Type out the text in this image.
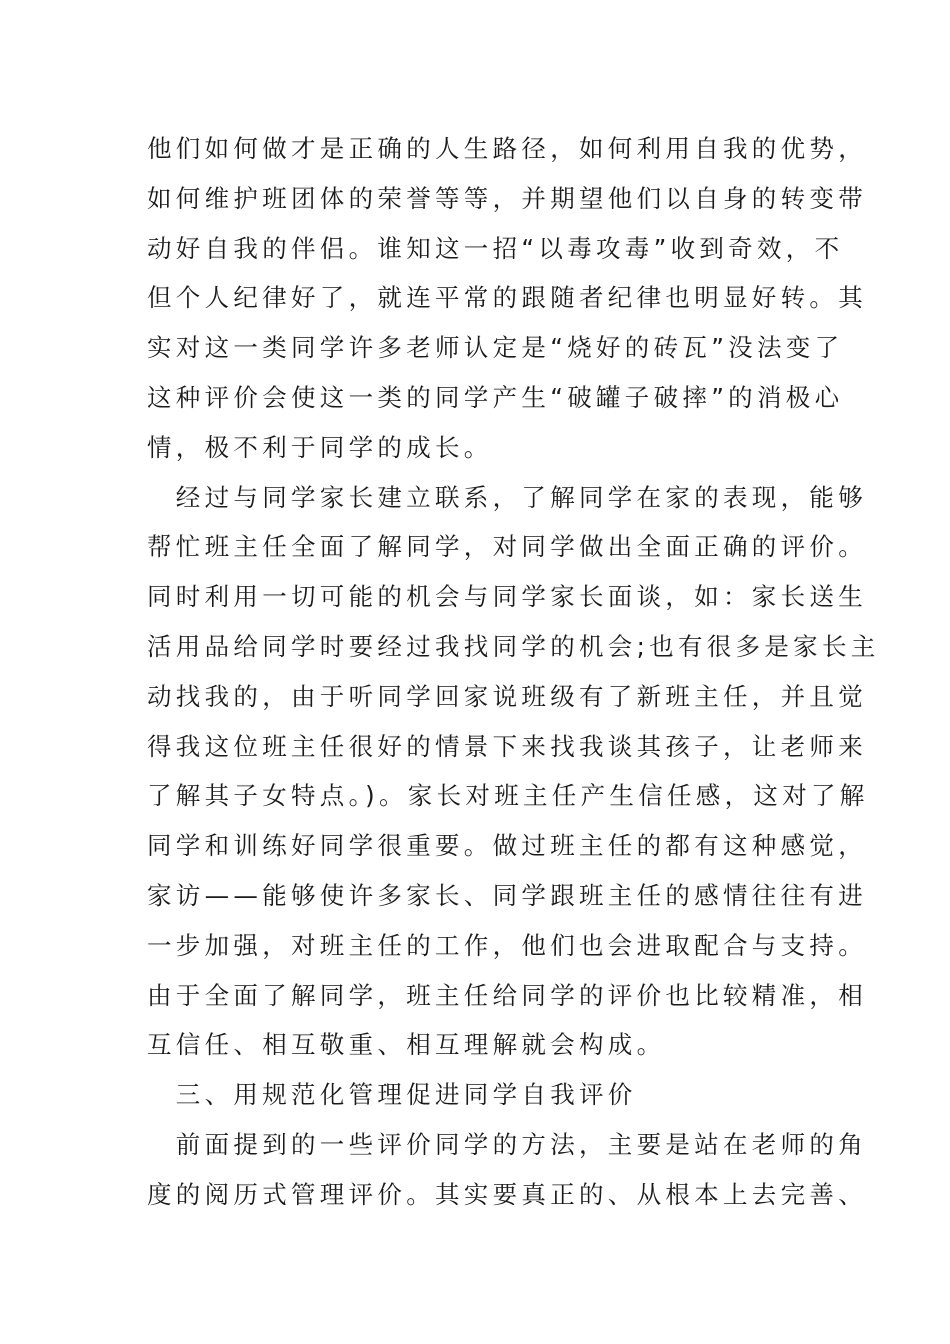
他们如何做才是正确的人生路径，如何利用自我的优势，
如何维护班团体的荣誉等等，并期望他们以自身的转变带
动好自我的伴侣。谁知这一招“以毒攻毒”收到奇效，不
但个人纪律好了，就连平常的跟随者纪律也明显好转。其
实对这一类同学许多老师认定是“烧好的砖瓦”没法变了
这种评价会使这一类的同学产生“破罐子破摔”的消极心
情，极不利于同学的成长。
　经过与同学家长建立联系，了解同学在家的表现，能够
帮忙班主任全面了解同学，对同学做出全面正确的评价。
同时利用一切可能的机会与同学家长面谈，如：家长送生
活用品给同学时要经过我找同学的机会;也有很多是家长主
动找我的，由于听同学回家说班级有了新班主任，并且觉
得我这位班主任很好的情景下来找我谈其孩子，让老师来
了解其子女特点。)。家长对班主任产生信任感，这对了解
同学和训练好同学很重要。做过班主任的都有这种感觉，
家访——能够使许多家长、同学跟班主任的感情往往有进
一步加强，对班主任的工作，他们也会进取配合与支持。
由于全面了解同学，班主任给同学的评价也比较精准，相
互信任、相互敬重、相互理解就会构成。
　三、用规范化管理促进同学自我评价
　前面提到的一些评价同学的方法，主要是站在老师的角
度的阅历式管理评价。其实要真正的、从根本上去完善、
